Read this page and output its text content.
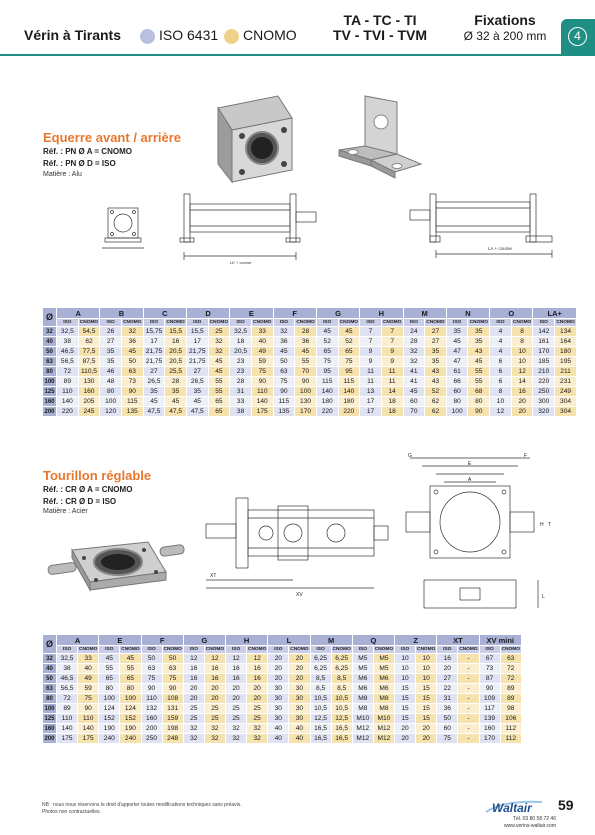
Vérin à Tirants	ISO 6431 CNOMO
TA - TC - TI
TV - TVI - TVM
Fixations
Ø 32 à 200 mm	4
Equerre avant / arrière
Réf. : PN Ø A = CNOMO
Réf. : PN Ø D = ISO
Matière : Alu
LE + course
LA + course
Ø	A		B		C		D		E		F		G		H		M		N		O		LA+	
	ISO	CNOMO	ISO	CNOMO	ISO	CNOMO	ISO	CNOMO	ISO	CNOMO	ISO	CNOMO	ISO	CNOMO	ISO	CNOMO	ISO	CNOMO	ISO	CNOMO	ISO	CNOMO	ISO	CNOMO
32	32,5	54,5	26	32	15,75	15,5	15,5	25	32,5	33	32	28	45	45	7	7	24	27	35	35	4	8	142	134
40	38	62	27	36	17	16	17	32	18	40	36	36	52	52	7	7	28	27	45	35	4	8	161	164
50	46,5	77,5	35	45	21,75	20,5	21,75	32	20,5	49	45	45	65	65	9	9	32	35	47	43	4	10	170	180
63	56,5	87,5	35	50	21,75	20,5	21,75	45	23	59	50	55	75	75	9	9	32	35	47	45	6	10	185	195
80	72	110,5	46	63	27	25,5	27	45	23	75	63	70	95	95	11	11	41	43	61	55	6	12	210	211
100	89	130	48	73	26,5	28	26,5	55	28	90	75	90	115	115	11	11	41	43	66	55	6	14	220	231
125	110	160	80	90	35	35	35	55	31	110	90	100	140	140	13	14	45	52	60	68	8	16	250	249
160	140	205	100	115	45	45	45	65	33	140	115	130	180	180	17	18	60	62	80	80	10	20	300	304
200	220	245	120	135	47,5	47,5	47,5	65	38	175	135	170	220	220	17	18	70	62	100	90	12	20	320	304
Tourillon réglable
Réf. : CR Ø A = CNOMO
Réf. : CR Ø D = ISO
Matière : Acier
XT
XV
G	F
E
A
H T
L
Ø	A		E		F		G		H		L		M		Q		Z		XT		XV mini	
	ISO	CNOMO	ISO	CNOMO	ISO	CNOMO	ISO	CNOMO	ISO	CNOMO	ISO	CNOMO	ISO	CNOMO	ISO	CNOMO	ISO	CNOMO	ISO	CNOMO	ISO	CNOMO
32	32,5	33	45	45	50	50	12	12	12	12	20	20	6,25	6,25	M5	M5	10	10	16	-	67	63
40	38	40	55	55	63	63	16	16	16	16	20	20	6,25	6,25	M5	M5	10	10	20	-	73	72
50	46,5	49	65	65	75	75	16	16	16	16	20	20	8,5	8,5	M6	M6	10	10	27	-	87	72
63	56,5	59	80	80	90	90	20	20	20	20	30	30	8,5	8,5	M6	M6	15	15	22	-	90	89
80	72	75	100	100	110	108	20	20	20	20	30	30	10,5	10,5	M8	M8	15	15	31	-	109	89
100	89	90	124	124	132	131	25	25	25	25	30	30	10,5	10,5	M8	M8	15	15	36	-	117	98
125	110	110	152	152	160	159	25	25	25	25	30	30	12,5	12,5	M10	M10	15	15	50	-	139	106
160	140	140	190	190	200	198	32	32	32	32	40	40	16,5	16,5	M12	M12	20	20	60	-	160	112
200	175	175	240	240	250	248	32	32	32	32	40	40	16,5	16,5	M12	M12	20	20	75	-	170	112
NB : nous nous réservons le droit d'apporter toutes modifications techniques sans préavis.
Photos non contractuelles.	Waltair
Tél. 03 80 58 72 46
www.verins-waltair.com
59
